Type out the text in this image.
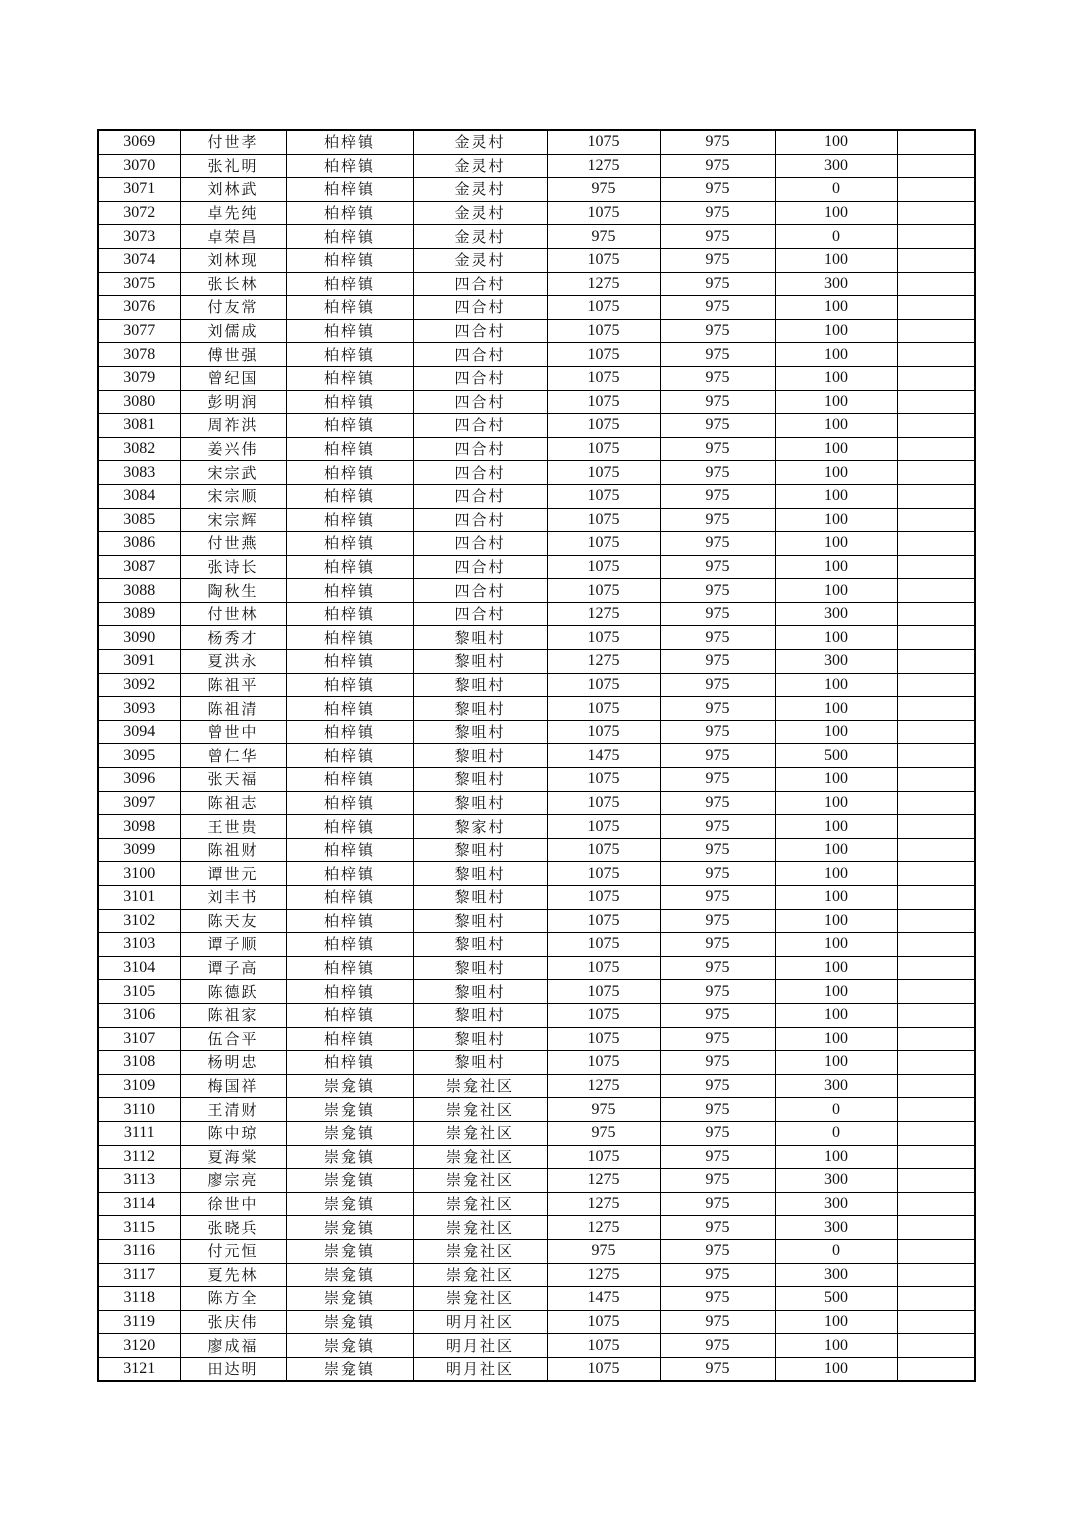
3069	付世孝	柏梓镇	金灵村	1075	975	100	
3070	张礼明	柏梓镇	金灵村	1275	975	300	
3071	刘林武	柏梓镇	金灵村	975	975	0	
3072	卓先纯	柏梓镇	金灵村	1075	975	100	
3073	卓荣昌	柏梓镇	金灵村	975	975	0	
3074	刘林现	柏梓镇	金灵村	1075	975	100	
3075	张长林	柏梓镇	四合村	1275	975	300	
3076	付友常	柏梓镇	四合村	1075	975	100	
3077	刘儒成	柏梓镇	四合村	1075	975	100	
3078	傅世强	柏梓镇	四合村	1075	975	100	
3079	曾纪国	柏梓镇	四合村	1075	975	100	
3080	彭明润	柏梓镇	四合村	1075	975	100	
3081	周祚洪	柏梓镇	四合村	1075	975	100	
3082	姜兴伟	柏梓镇	四合村	1075	975	100	
3083	宋宗武	柏梓镇	四合村	1075	975	100	
3084	宋宗顺	柏梓镇	四合村	1075	975	100	
3085	宋宗辉	柏梓镇	四合村	1075	975	100	
3086	付世燕	柏梓镇	四合村	1075	975	100	
3087	张诗长	柏梓镇	四合村	1075	975	100	
3088	陶秋生	柏梓镇	四合村	1075	975	100	
3089	付世林	柏梓镇	四合村	1275	975	300	
3090	杨秀才	柏梓镇	黎咀村	1075	975	100	
3091	夏洪永	柏梓镇	黎咀村	1275	975	300	
3092	陈祖平	柏梓镇	黎咀村	1075	975	100	
3093	陈祖清	柏梓镇	黎咀村	1075	975	100	
3094	曾世中	柏梓镇	黎咀村	1075	975	100	
3095	曾仁华	柏梓镇	黎咀村	1475	975	500	
3096	张天福	柏梓镇	黎咀村	1075	975	100	
3097	陈祖志	柏梓镇	黎咀村	1075	975	100	
3098	王世贵	柏梓镇	黎家村	1075	975	100	
3099	陈祖财	柏梓镇	黎咀村	1075	975	100	
3100	谭世元	柏梓镇	黎咀村	1075	975	100	
3101	刘丰书	柏梓镇	黎咀村	1075	975	100	
3102	陈天友	柏梓镇	黎咀村	1075	975	100	
3103	谭子顺	柏梓镇	黎咀村	1075	975	100	
3104	谭子高	柏梓镇	黎咀村	1075	975	100	
3105	陈德跃	柏梓镇	黎咀村	1075	975	100	
3106	陈祖家	柏梓镇	黎咀村	1075	975	100	
3107	伍合平	柏梓镇	黎咀村	1075	975	100	
3108	杨明忠	柏梓镇	黎咀村	1075	975	100	
3109	梅国祥	崇龛镇	崇龛社区	1275	975	300	
3110	王清财	崇龛镇	崇龛社区	975	975	0	
3111	陈中琼	崇龛镇	崇龛社区	975	975	0	
3112	夏海棠	崇龛镇	崇龛社区	1075	975	100	
3113	廖宗亮	崇龛镇	崇龛社区	1275	975	300	
3114	徐世中	崇龛镇	崇龛社区	1275	975	300	
3115	张晓兵	崇龛镇	崇龛社区	1275	975	300	
3116	付元恒	崇龛镇	崇龛社区	975	975	0	
3117	夏先林	崇龛镇	崇龛社区	1275	975	300	
3118	陈方全	崇龛镇	崇龛社区	1475	975	500	
3119	张庆伟	崇龛镇	明月社区	1075	975	100	
3120	廖成福	崇龛镇	明月社区	1075	975	100	
3121	田达明	崇龛镇	明月社区	1075	975	100	
